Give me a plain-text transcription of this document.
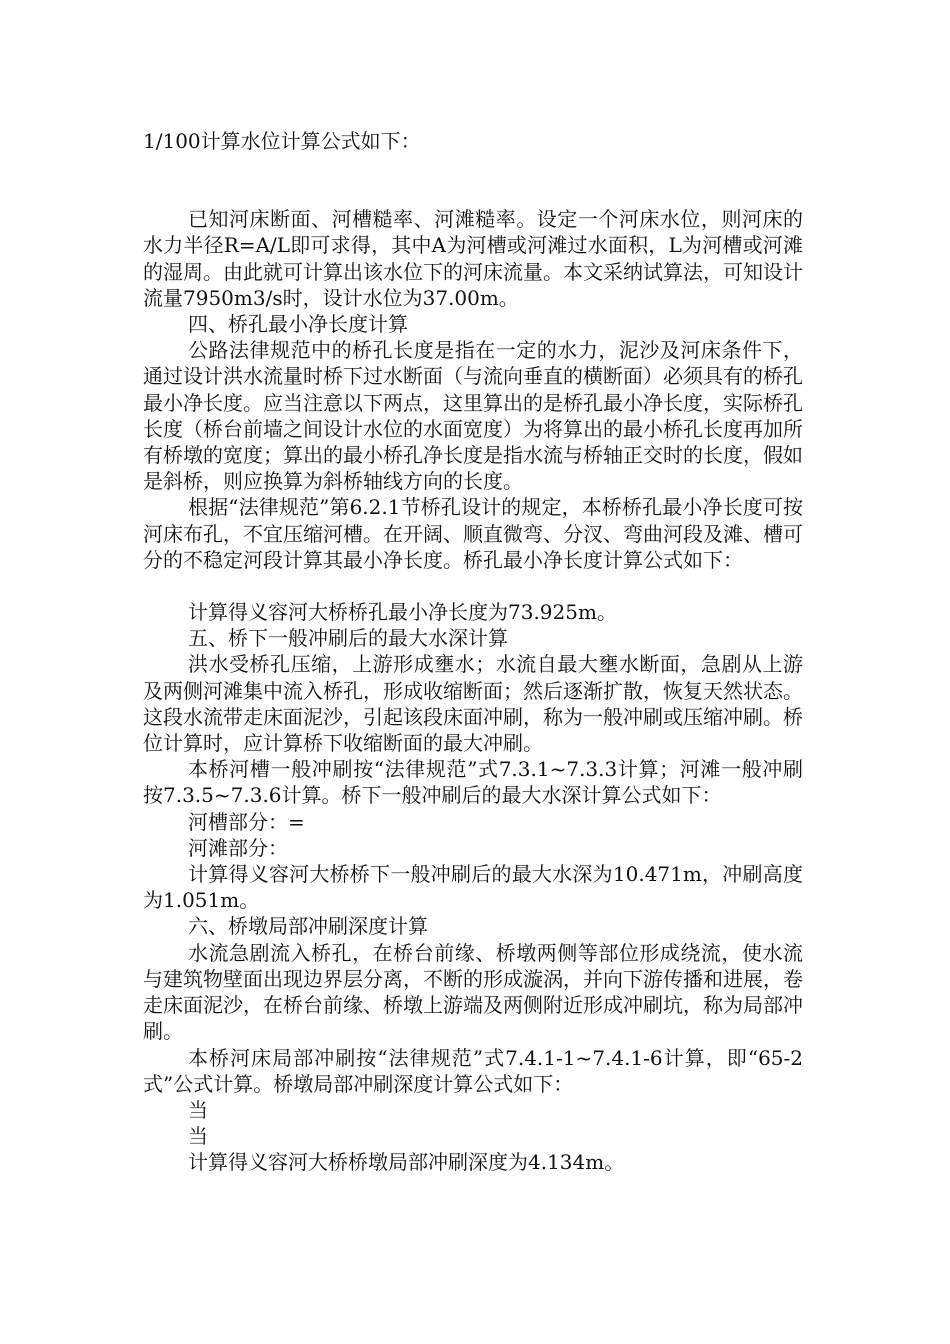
1/100计算水位计算公式如下：

已知河床断面、河槽糙率、河滩糙率。设定一个河床水位，则河床的水力半径R=A/L即可求得，其中A为河槽或河滩过水面积，L为河槽或河滩的湿周。由此就可计算出该水位下的河床流量。本文采纳试算法，可知设计流量7950m3/s时，设计水位为37.00m。

四、桥孔最小净长度计算

公路法律规范中的桥孔长度是指在一定的水力，泥沙及河床条件下，通过设计洪水流量时桥下过水断面（与流向垂直的横断面）必须具有的桥孔最小净长度。应当注意以下两点，这里算出的是桥孔最小净长度，实际桥孔长度（桥台前墙之间设计水位的水面宽度）为将算出的最小桥孔长度再加所有桥墩的宽度；算出的最小桥孔净长度是指水流与桥轴正交时的长度，假如是斜桥，则应换算为斜桥轴线方向的长度。

根据“法律规范”第6.2.1节桥孔设计的规定，本桥桥孔最小净长度可按河床布孔，不宜压缩河槽。在开阔、顺直微弯、分汊、弯曲河段及滩、槽可分的不稳定河段计算其最小净长度。桥孔最小净长度计算公式如下：

计算得义容河大桥桥孔最小净长度为73.925m。

五、桥下一般冲刷后的最大水深计算

洪水受桥孔压缩，上游形成壅水；水流自最大壅水断面，急剧从上游及两侧河滩集中流入桥孔，形成收缩断面；然后逐渐扩散，恢复天然状态。这段水流带走床面泥沙，引起该段床面冲刷，称为一般冲刷或压缩冲刷。桥位计算时，应计算桥下收缩断面的最大冲刷。

本桥河槽一般冲刷按“法律规范”式7.3.1~7.3.3计算；河滩一般冲刷按7.3.5~7.3.6计算。桥下一般冲刷后的最大水深计算公式如下：

河槽部分：=

河滩部分：

计算得义容河大桥桥下一般冲刷后的最大水深为10.471m，冲刷高度为1.051m。

六、桥墩局部冲刷深度计算

水流急剧流入桥孔，在桥台前缘、桥墩两侧等部位形成绕流，使水流与建筑物壁面出现边界层分离，不断的形成漩涡，并向下游传播和进展，卷走床面泥沙，在桥台前缘、桥墩上游端及两侧附近形成冲刷坑，称为局部冲刷。

本桥河床局部冲刷按“法律规范”式7.4.1-1~7.4.1-6计算，即“65-2式”公式计算。桥墩局部冲刷深度计算公式如下：

当

当

计算得义容河大桥桥墩局部冲刷深度为4.134m。
